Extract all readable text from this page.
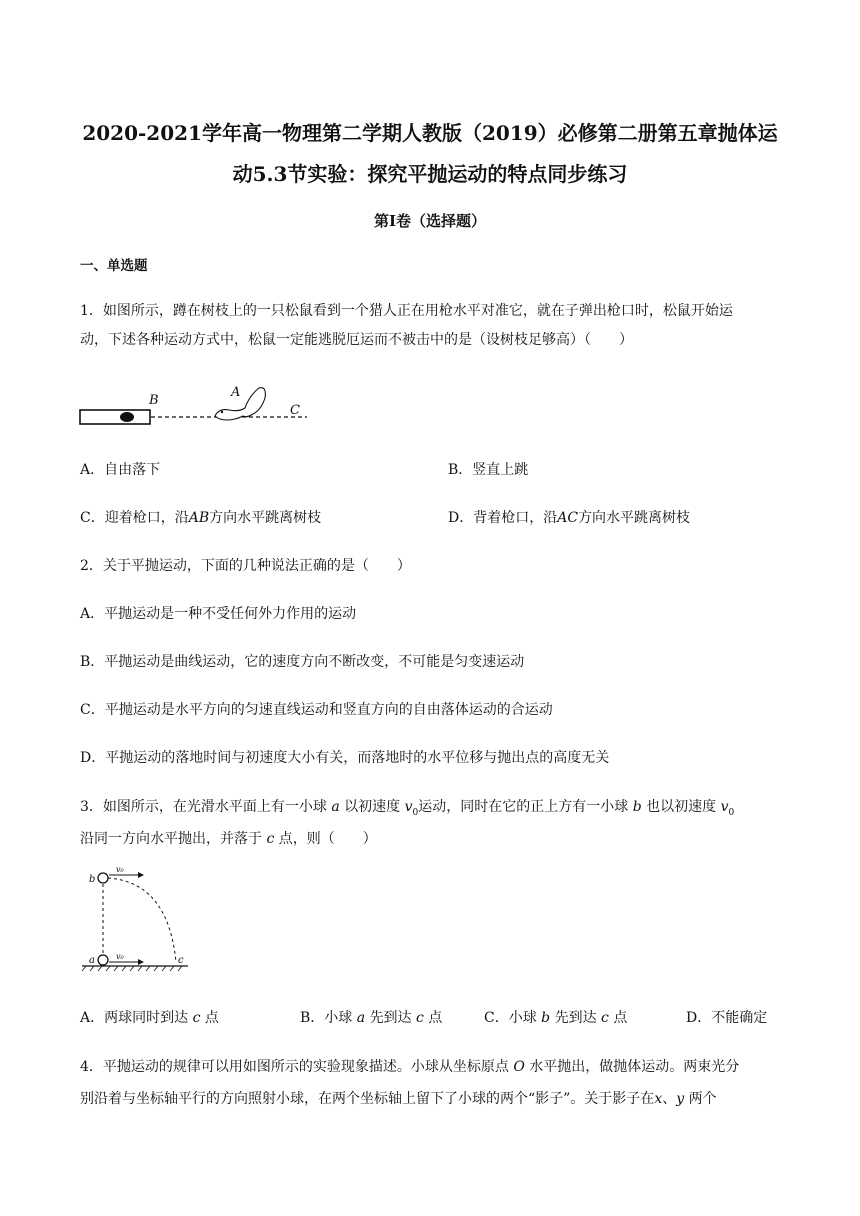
2020-2021学年高一物理第二学期人教版（2019）必修第二册第五章抛体运
动5.3节实验：探究平抛运动的特点同步练习
第Ⅰ卷（选择题）
一、单选题
1．如图所示，蹲在树枝上的一只松鼠看到一个猎人正在用枪水平对准它，就在子弹出枪口时，松鼠开始运
动，下述各种运动方式中，松鼠一定能逃脱厄运而不被击中的是（设树枝足够高）（　　）
B
A
C
A．自由落下	B．竖直上跳
C．迎着枪口，沿AB方向水平跳离树枝	D．背着枪口，沿AC方向水平跳离树枝
2．关于平抛运动，下面的几种说法正确的是（　　）
A．平抛运动是一种不受任何外力作用的运动
B．平抛运动是曲线运动，它的速度方向不断改变，不可能是匀变速运动
C．平抛运动是水平方向的匀速直线运动和竖直方向的自由落体运动的合运动
D．平抛运动的落地时间与初速度大小有关，而落地时的水平位移与抛出点的高度无关
3．如图所示，在光滑水平面上有一小球 a 以初速度 $v_0$运动，同时在它的正上方有一小球 b 也以初速度 $v_0$
沿同一方向水平抛出，并落于 c 点，则（　　）
b
a	c
v₀
v₀
A．两球同时到达 c 点	B．小球 a 先到达 c 点	C．小球 b 先到达 c 点	D．不能确定
4．平抛运动的规律可以用如图所示的实验现象描述。小球从坐标原点 O 水平抛出，做抛体运动。两束光分
别沿着与坐标轴平行的方向照射小球，在两个坐标轴上留下了小球的两个“影子”。关于影子在x、y 两个
